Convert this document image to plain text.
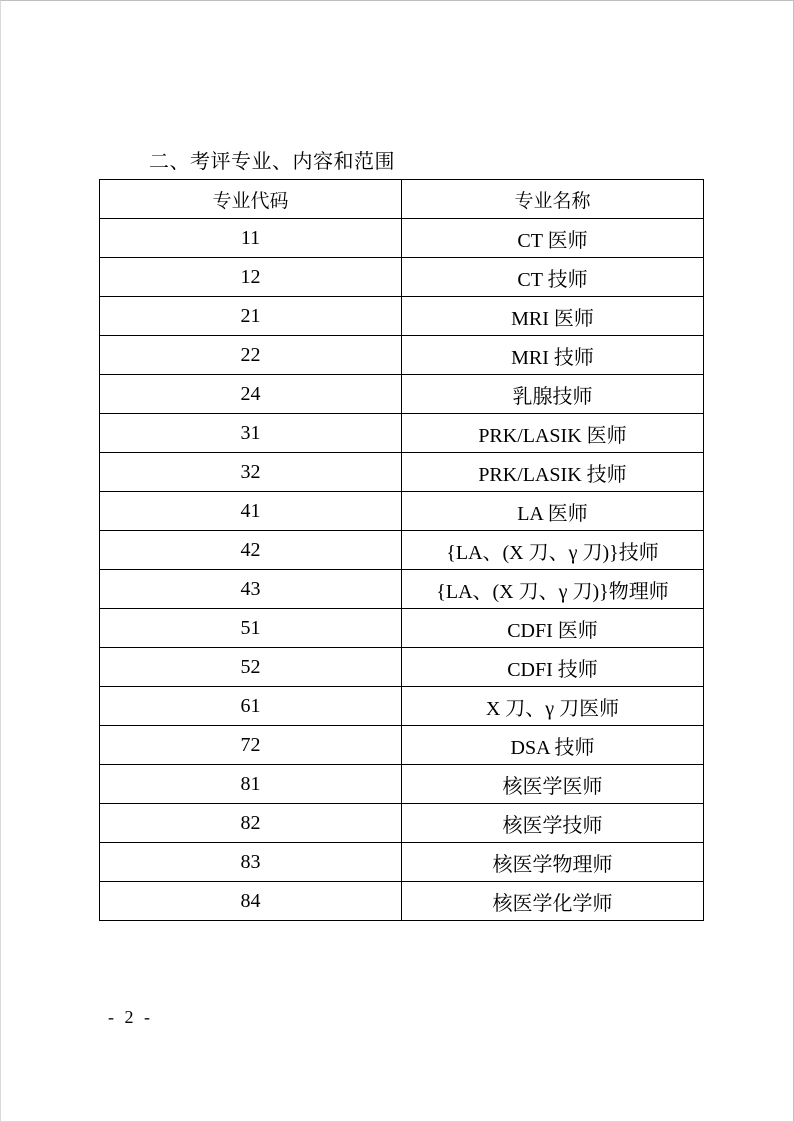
二、考评专业、内容和范围
专业代码	专业名称
11	CT 医师
12	CT 技师
21	MRI 医师
22	MRI 技师
24	乳腺技师
31	PRK/LASIK 医师
32	PRK/LASIK 技师
41	LA 医师
42	{LA、(X 刀、γ 刀)}技师
43	{LA、(X 刀、γ 刀)}物理师
51	CDFI 医师
52	CDFI 技师
61	X 刀、γ 刀医师
72	DSA 技师
81	核医学医师
82	核医学技师
83	核医学物理师
84	核医学化学师
- 2 -
